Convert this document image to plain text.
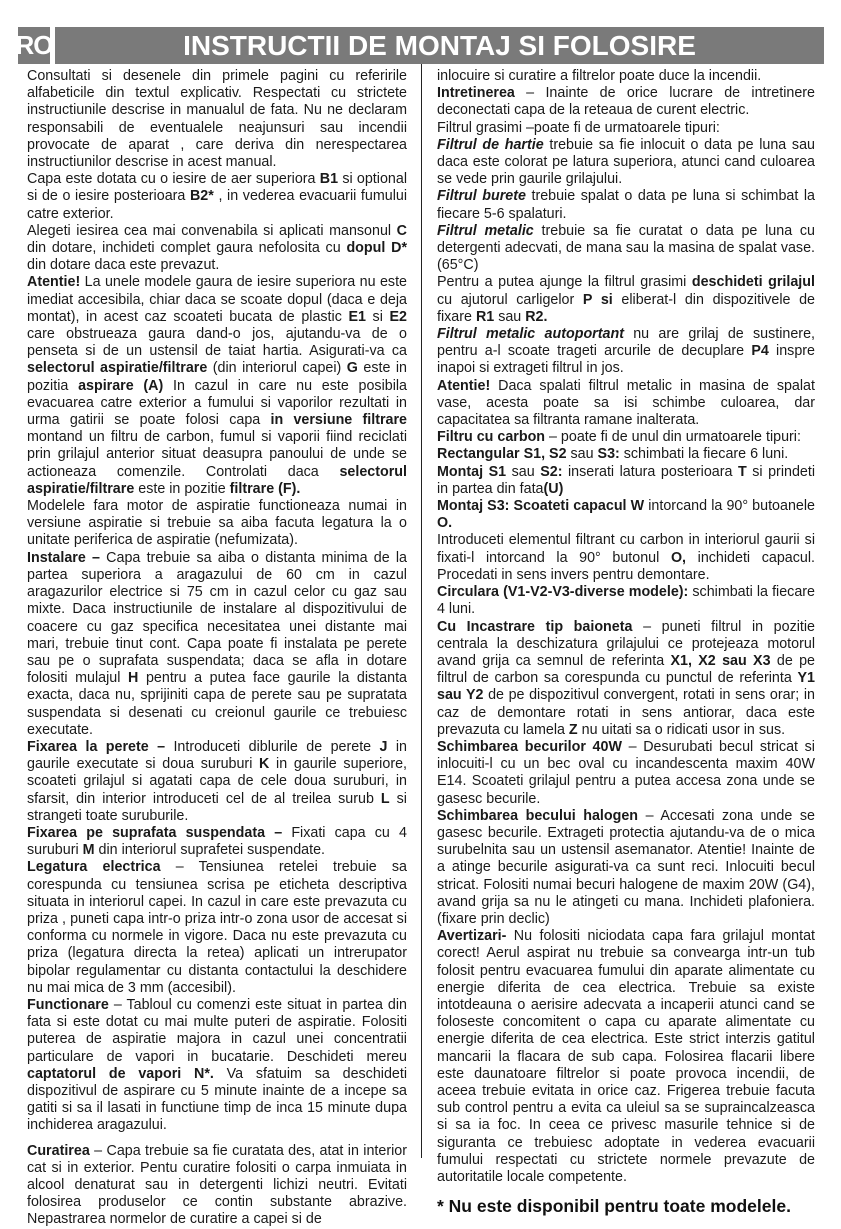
RO	INSTRUCTII DE MONTAJ SI FOLOSIRE

Consultati si desenele din primele pagini cu referirile alfabeticile din textul explicativ. Respectati cu strictete instructiunile descrise in manualul de fata. Nu ne declaram responsabili de eventualele neajunsuri sau incendii provocate de aparat , care deriva din nerespectarea instructiunilor descrise in acest manual.

Capa este dotata cu o iesire de aer superiora B1 si optional si de o iesire posterioara B2* , in vederea evacuarii fumului catre exterior.

Alegeti iesirea cea mai convenabila si aplicati mansonul C din dotare, inchideti complet gaura nefolosita cu dopul D* din dotare daca este prevazut.

Atentie! La unele modele gaura de iesire superiora nu este imediat accesibila, chiar daca se scoate dopul (daca e deja montat), in acest caz scoateti bucata de plastic E1 si E2 care obstrueaza gaura dand-o jos, ajutandu-va de o penseta si de un ustensil de taiat hartia. Asigurati-va ca selectorul aspiratie/filtrare (din interiorul capei) G este in pozitia aspirare (A) In cazul in care nu este posibila evacuarea catre exterior a fumului si vaporilor rezultati in urma gatirii se poate folosi capa in versiune filtrare montand un filtru de carbon, fumul si vaporii fiind reciclati prin grilajul anterior situat deasupra panoului de unde se actioneaza comenzile. Controlati daca selectorul aspiratie/filtrare este in pozitie filtrare (F).

Modelele fara motor de aspiratie functioneaza numai in versiune aspiratie si trebuie sa aiba facuta legatura la o unitate periferica de aspiratie (nefumizata).

Instalare – Capa trebuie sa aiba o distanta minima de la partea superiora a aragazului de 60 cm in cazul aragazurilor electrice si 75 cm in cazul celor cu gaz sau mixte. Daca instructiunile de instalare al dispozitivului de coacere cu gaz specifica necesitatea unei distante mai mari, trebuie tinut cont. Capa poate fi instalata pe perete sau pe o suprafata suspendata; daca se afla in dotare folositi mulajul H pentru a putea face gaurile la distanta exacta, daca nu, sprijiniti capa de perete sau pe supratata suspendata si desenati cu creionul gaurile ce trebuiesc executate.

Fixarea la perete – Introduceti diblurile de perete J in gaurile executate si doua suruburi K in gaurile superiore, scoateti grilajul si agatati capa de cele doua suruburi, in sfarsit, din interior introduceti cel de al treilea surub L si strangeti toate suruburile.

Fixarea pe suprafata suspendata – Fixati capa cu 4 suruburi M din interiorul suprafetei suspendate.

Legatura electrica – Tensiunea retelei trebuie sa corespunda cu tensiunea scrisa pe eticheta descriptiva situata in interiorul capei. In cazul in care este prevazuta cu priza , puneti capa intr-o priza intr-o zona usor de accesat si conforma cu normele in vigore. Daca nu este prevazuta cu priza (legatura directa la retea) aplicati un intrerupator bipolar regulamentar cu distanta contactului la deschidere nu mai mica de 3 mm (accesibil).

Functionare – Tabloul cu comenzi este situat in partea din fata si este dotat cu mai multe puteri de aspiratie. Folositi puterea de aspiratie majora in cazul unei concentratii particulare de vapori in bucatarie. Deschideti mereu captatorul de vapori N*. Va sfatuim sa deschideti dispozitivul de aspirare cu 5 minute inainte de a incepe sa gatiti si sa il lasati in functiune timp de inca 15 minute dupa inchiderea aragazului.

Curatirea – Capa trebuie sa fie curatata des, atat in interior cat si in exterior. Pentu curatire folositi o carpa inmuiata in alcool denaturat sau in detergenti lichizi neutri. Evitati folosirea produselor ce contin substante abrazive. Nepastrarea normelor de curatire a capei si de

inlocuire si curatire a filtrelor poate duce la incendii.

Intretinerea – Inainte de orice lucrare de intretinere deconectati capa de la reteaua de curent electric.

Filtrul grasimi –poate fi de urmatoarele tipuri:

Filtrul de hartie trebuie sa fie inlocuit o data pe luna sau daca este colorat pe latura superiora, atunci cand culoarea se vede prin gaurile grilajului.

Filtrul burete trebuie spalat o data pe luna si schimbat la fiecare 5-6 spalaturi.

Filtrul metalic trebuie sa fie curatat o data pe luna cu detergenti adecvati, de mana sau la masina de spalat vase. (65°C)

Pentru a putea ajunge la filtrul grasimi deschideti grilajul cu ajutorul carligelor P si eliberat-l din dispozitivele de fixare R1 sau R2.

Filtrul metalic autoportant nu are grilaj de sustinere, pentru a-l scoate trageti arcurile de decuplare P4 inspre inapoi si extrageti filtrul in jos.

Atentie! Daca spalati filtrul metalic in masina de spalat vase, acesta poate sa isi schimbe culoarea, dar capacitatea sa filtranta ramane inalterata.

Filtru cu carbon – poate fi de unul din urmatoarele tipuri:

Rectangular S1, S2 sau S3: schimbati la fiecare 6 luni.

Montaj S1 sau S2: inserati latura posterioara T si prindeti in partea din fata(U)

Montaj S3: Scoateti capacul W intorcand la 90° butoanele O.

Introduceti elementul filtrant cu carbon in interiorul gaurii si fixati-l intorcand la 90° butonul O, inchideti capacul. Procedati in sens invers pentru demontare.

Circulara (V1-V2-V3-diverse modele): schimbati la fiecare 4 luni.

Cu Incastrare tip baioneta – puneti filtrul in pozitie centrala la deschizatura grilajului ce protejeaza motorul avand grija ca semnul de referinta X1, X2 sau X3 de pe filtrul de carbon sa corespunda cu punctul de referinta Y1 sau Y2 de pe dispozitivul convergent, rotati in sens orar; in caz de demontare rotati in sens antiorar, daca este prevazuta cu lamela Z nu uitati sa o ridicati usor in sus.

Schimbarea becurilor 40W – Desurubati becul stricat si inlocuiti-l cu un bec oval cu incandescenta maxim 40W E14. Scoateti grilajul pentru a putea accesa zona unde se gasesc becurile.

Schimbarea becului halogen – Accesati zona unde se gasesc becurile. Extrageti protectia ajutandu-va de o mica surubelnita sau un ustensil asemanator. Atentie! Inainte de a atinge becurile asigurati-va ca sunt reci. Inlocuiti becul stricat. Folositi numai becuri halogene de maxim 20W (G4), avand grija sa nu le atingeti cu mana. Inchideti plafoniera.(fixare prin declic)

Avertizari- Nu folositi niciodata capa fara grilajul montat corect! Aerul aspirat nu trebuie sa convearga intr-un tub folosit pentru evacuarea fumului din aparate alimentate cu energie diferita de cea electrica. Trebuie sa existe intotdeauna o aerisire adecvata a incaperii atunci cand se foloseste concomitent o capa cu aparate alimentate cu energie diferita de cea electrica. Este strict interzis gatitul mancarii la flacara de sub capa. Folosirea flacarii libere este daunatoare filtrelor si poate provoca incendii, de aceea trebuie evitata in orice caz. Frigerea trebuie facuta sub control pentru a evita ca uleiul sa se supraincalzeasca si sa ia foc. In ceea ce privesc masurile tehnice si de siguranta ce trebuiesc adoptate in vederea evacuarii fumului respectati cu strictete normele prevazute de autoritatile locale competente.

* Nu este disponibil pentru toate modelele.
